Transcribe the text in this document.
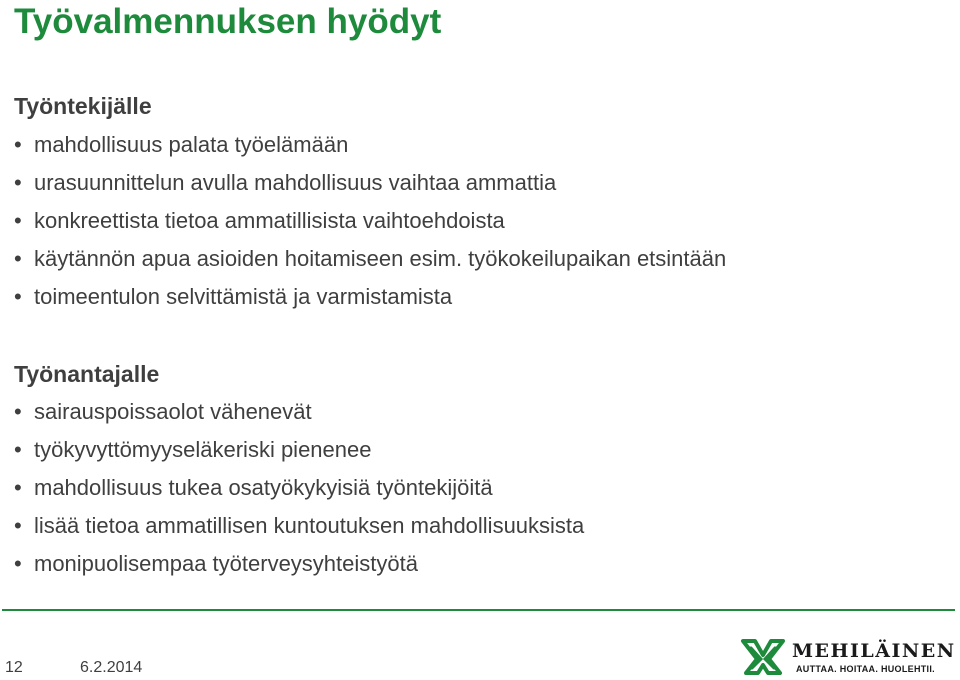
Työvalmennuksen hyödyt
Työntekijälle
• mahdollisuus palata työelämään
• urasuunnittelun avulla mahdollisuus vaihtaa ammattia
• konkreettista tietoa ammatillisista vaihtoehdoista
• käytännön apua asioiden hoitamiseen esim. työkokeilupaikan etsintään
• toimeentulon selvittämistä ja varmistamista
Työnantajalle
• sairauspoissaolot vähenevät
• työkyvyttömyyseläkeriski pienenee
• mahdollisuus tukea osatyökykyisiä työntekijöitä
• lisää tietoa ammatillisen kuntoutuksen mahdollisuuksista
• monipuolisempaa työterveysyhteistyötä
12	6.2.2014
MEHILÄINEN
AUTTAA. HOITAA. HUOLEHTII.
